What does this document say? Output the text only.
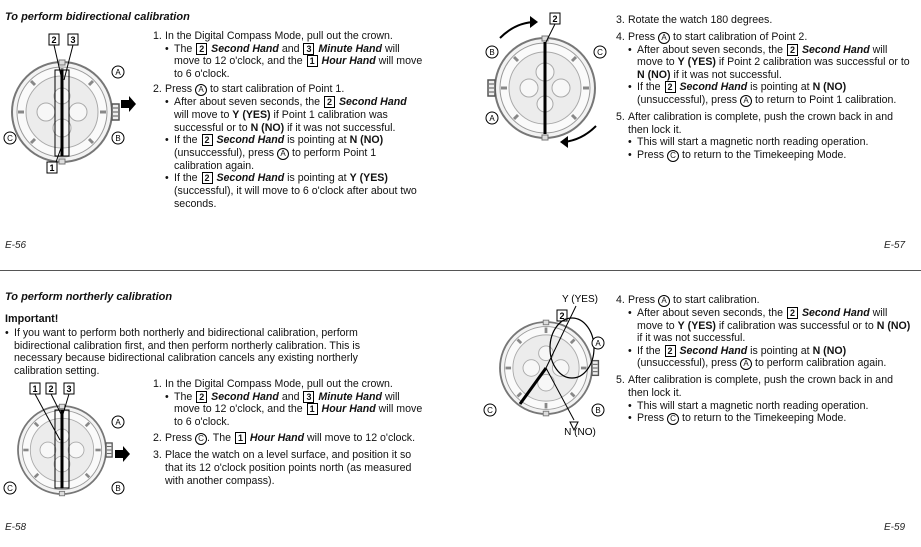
To perform bidirectional calibration
2 3
1
A
B
C
1. In the Digital Compass Mode, pull out the crown.
• The 2 Second Hand and 3 Minute Hand will move to 12 o'clock, and the 1 Hour Hand will move to 6 o'clock.
2. Press A to start calibration of Point 1.
• After about seven seconds, the 2 Second Hand will move to Y (YES) if Point 1 calibration was successful or to N (NO) if it was not successful.
• If the 2 Second Hand is pointing at N (NO) (unsuccessful), press A to perform Point 1 calibration again.
• If the 2 Second Hand is pointing at Y (YES) (successful), it will move to 6 o'clock after about two seconds.
E-56
2
B	C
A
3. Rotate the watch 180 degrees.
4. Press A to start calibration of Point 2.
• After about seven seconds, the 2 Second Hand will move to Y (YES) if Point 2 calibration was successful or to N (NO) if it was not successful.
• If the 2 Second Hand is pointing at N (NO) (unsuccessful), press A to return to Point 1 calibration.
5. After calibration is complete, push the crown back in and then lock it.
• This will start a magnetic north reading operation.
• Press C to return to the Timekeeping Mode.
E-57
To perform northerly calibration
Important!
• If you want to perform both northerly and bidirectional calibration, perform bidirectional calibration first, and then perform northerly calibration. This is necessary because bidirectional calibration cancels any existing northerly calibration setting.
1 2 3
A
B
C
1. In the Digital Compass Mode, pull out the crown.
• The 2 Second Hand and 3 Minute Hand will move to 12 o'clock, and the 1 Hour Hand will move to 6 o'clock.
2. Press C . The 1 Hour Hand will move to 12 o'clock.
3. Place the watch on a level surface, and position it so that its 12 o'clock position points north (as measured with another compass).
E-58
Y (YES)
2
N (NO)
A
B
C
4. Press A to start calibration.
• After about seven seconds, the 2 Second Hand will move to Y (YES) if calibration was successful or to N (NO) if it was not successful.
• If the 2 Second Hand is pointing at N (NO) (unsuccessful), press A to perform calibration again.
5. After calibration is complete, push the crown back in and then lock it.
• This will start a magnetic north reading operation.
• Press C to return to the Timekeeping Mode.
E-59
